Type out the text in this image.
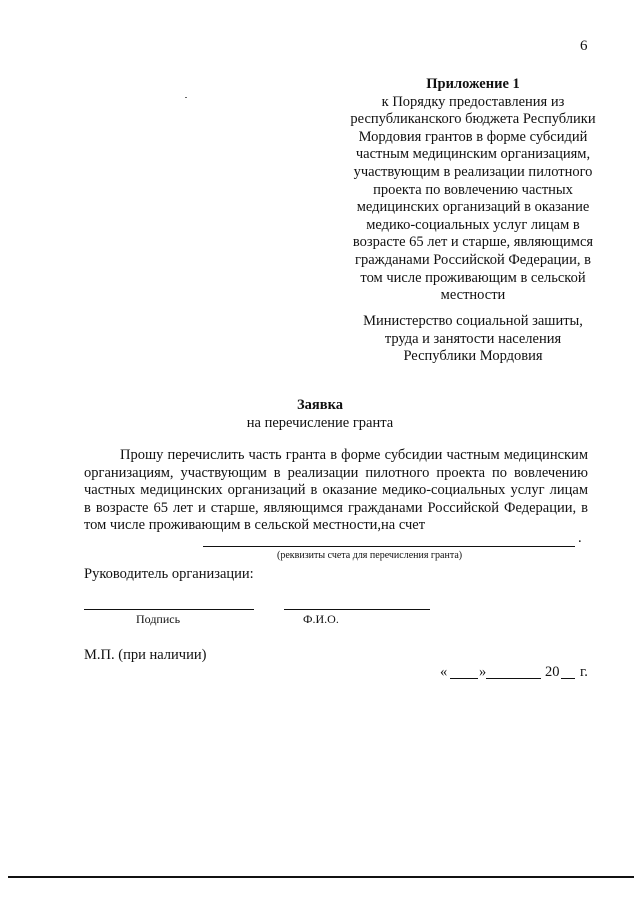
6
Приложение 1
к Порядку предоставления из
республиканского бюджета Республики
Мордовия грантов в форме субсидий
частным медицинским организациям,
участвующим в реализации пилотного
проекта по вовлечению частных
медицинских организаций в оказание
медико-социальных услуг лицам в
возрасте 65 лет и старше, являющимся
гражданами Российской Федерации, в
том числе проживающим в сельской
местности
Министерство социальной зашиты,
труда и занятости населения
Республики Мордовия
Заявка
на перечисление гранта
Прошу перечислить часть гранта в форме субсидии частным медицинским организациям, участвующим в реализации пилотного проекта по вовлечению частных медицинских организаций в оказание медико-социальных услуг лицам в возрасте 65 лет и старше, являющимся гражданами Российской Федерации, в том числе проживающим в сельской местности,на счет
.
(реквизиты счета для перечисления гранта)
Руководитель организации:
Подпись	Ф.И.О.
М.П. (при наличии)
« »	20 г.
